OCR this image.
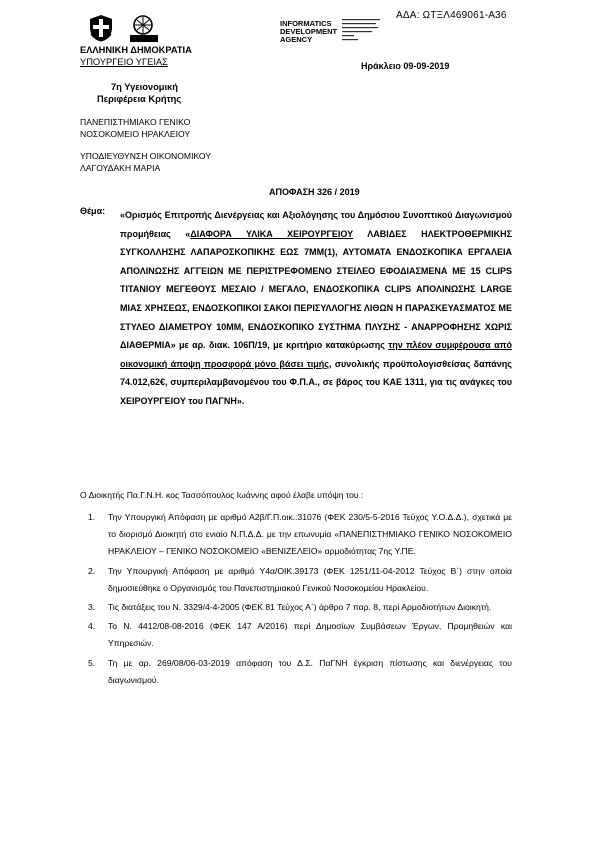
ΑΔΑ: ΩΤΞΛ469061-Α36
ΕΛΛΗΝΙΚΗ ΔΗΜΟΚΡΑΤΙΑ
ΥΠΟΥΡΓΕΙΟ ΥΓΕΙΑΣ
INFORMATICS
DEVELOPMENT
AGENCY
Ηράκλειο 09-09-2019
7η Υγειονομική
Περιφέρεια Κρήτης
ΠΑΝΕΠΙΣΤΗΜΙΑΚΟ ΓΕΝΙΚΟ
ΝΟΣΟΚΟΜΕΙΟ ΗΡΑΚΛΕΙΟΥ
ΥΠΟΔΙΕΥΘΥΝΣΗ ΟΙΚΟΝΟΜΙΚΟΥ
ΛΑΓΟΥΔΑΚΗ ΜΑΡΙΑ
ΑΠΟΦΑΣΗ 326 / 2019
Θέμα: «Ορισμός Επιτροπής Διενέργειας και Αξιολόγησης του Δημόσιου Συνοπτικού Διαγωνισμού προμήθειας «ΔΙΑΦΟΡΑ ΥΛΙΚΑ ΧΕΙΡΟΥΡΓΕΙΟΥ ΛΑΒΙΔΕΣ ΗΛΕΚΤΡΟΘΕΡΜΙΚΗΣ ΣΥΓΚΟΛΛΗΣΗΣ ΛΑΠΑΡΟΣΚΟΠΙΚΗΣ ΕΩΣ 7ΜΜ(1), ΑΥΤΟΜΑΤΑ ΕΝΔΟΣΚΟΠΙΚΑ ΕΡΓΑΛΕΙΑ ΑΠΟΛΙΝΩΣΗΣ ΑΓΓΕΙΩΝ ΜΕ ΠΕΡΙΣΤΡΕΦΟΜΕΝΟ ΣΤΕΙΛΕΟ ΕΦΟΔΙΑΣΜΕΝΑ ΜΕ 15 CLIPS ΤΙΤΑΝΙΟΥ ΜΕΓΕΘΟΥΣ ΜΕΣΑΙΟ / ΜΕΓΑΛΟ, ΕΝΔΟΣΚΟΠΙΚΑ CLIPS ΑΠΟΛΙΝΩΣΗΣ LARGE ΜΙΑΣ ΧΡΗΣΕΩΣ, ΕΝΔΟΣΚΟΠΙΚΟΙ ΣΑΚΟΙ ΠΕΡΙΣΥΛΛΟΓΗΣ ΛΙΘΩΝ Η ΠΑΡΑΣΚΕΥΑΣΜΑΤΟΣ ΜΕ ΣΤΥΛΕΟ ΔΙΑΜΕΤΡΟΥ 10ΜΜ, ΕΝΔΟΣΚΟΠΙΚΟ ΣΥΣΤΗΜΑ ΠΛΥΣΗΣ - ΑΝΑΡΡΟΦΗΣΗΣ ΧΩΡΙΣ ΔΙΑΘΕΡΜΙΑ» με αρ. διακ. 106Π/19, με κριτήριο κατακύρωσης την πλέον συμφέρουσα από οικονομική άποψη προσφορά μόνο βάσει τιμής, συνολικής προϋπολογισθείσας δαπάνης 74.012,62€, συμπεριλαμβανομένου του Φ.Π.Α., σε βάρος του ΚΑΕ 1311, για τις ανάγκες του ΧΕΙΡΟΥΡΓΕΙΟΥ του ΠΑΓΝΗ».
Ο Διοικητής Πα.Γ.Ν.Η. κος Τασσόπουλος Ιωάννης αφού έλαβε υπόψη του :
1. Την Υπουργική Απόφαση με αριθμό Α2β/Γ.Π.οικ.:31076 (ΦΕΚ 230/5-5-2016 Τεύχος Υ.Ο.Δ.Δ.), σχετικά με το διορισμό Διοικητή στο ενιαίο Ν.Π.Δ.Δ. με την επωνυμία «ΠΑΝΕΠΙΣΤΗΜΙΑΚΟ ΓΕΝΙΚΟ ΝΟΣΟΚΟΜΕΙΟ ΗΡΑΚΛΕΙΟΥ – ΓΕΝΙΚΟ ΝΟΣΟΚΟΜΕΙΟ «ΒΕΝΙΖΕΛΕΙΟ» αρμοδιότητας 7ης Υ.ΠΕ.
2. Την Υπουργική Απόφαση με αριθμό Υ4α/ΟΙΚ.39173 (ΦΕΚ 1251/11-04-2012 Τεύχος Β΄) στην οποία δημοσιεύθηκε ο Οργανισμός του Πανεπιστημιακού Γενικού Νοσοκομείου Ηρακλείου.
3. Τις διατάξεις του Ν. 3329/4-4-2005 (ΦΕΚ 81 Τεύχος Α΄) άρθρο 7 παρ. 8, περί Αρμοδιοτήτων Διοικητή.
4. Το Ν. 4412/08-08-2016 (ΦΕΚ 147 Α/2016) περί Δημοσίων Συμβάσεων Έργων, Προμηθειών και Υπηρεσιών.
5. Τη με αρ. 269/08/06-03-2019 απόφαση του Δ.Σ. ΠαΓΝΗ έγκριση πίστωσης και διενέργειας του διαγωνισμού.
